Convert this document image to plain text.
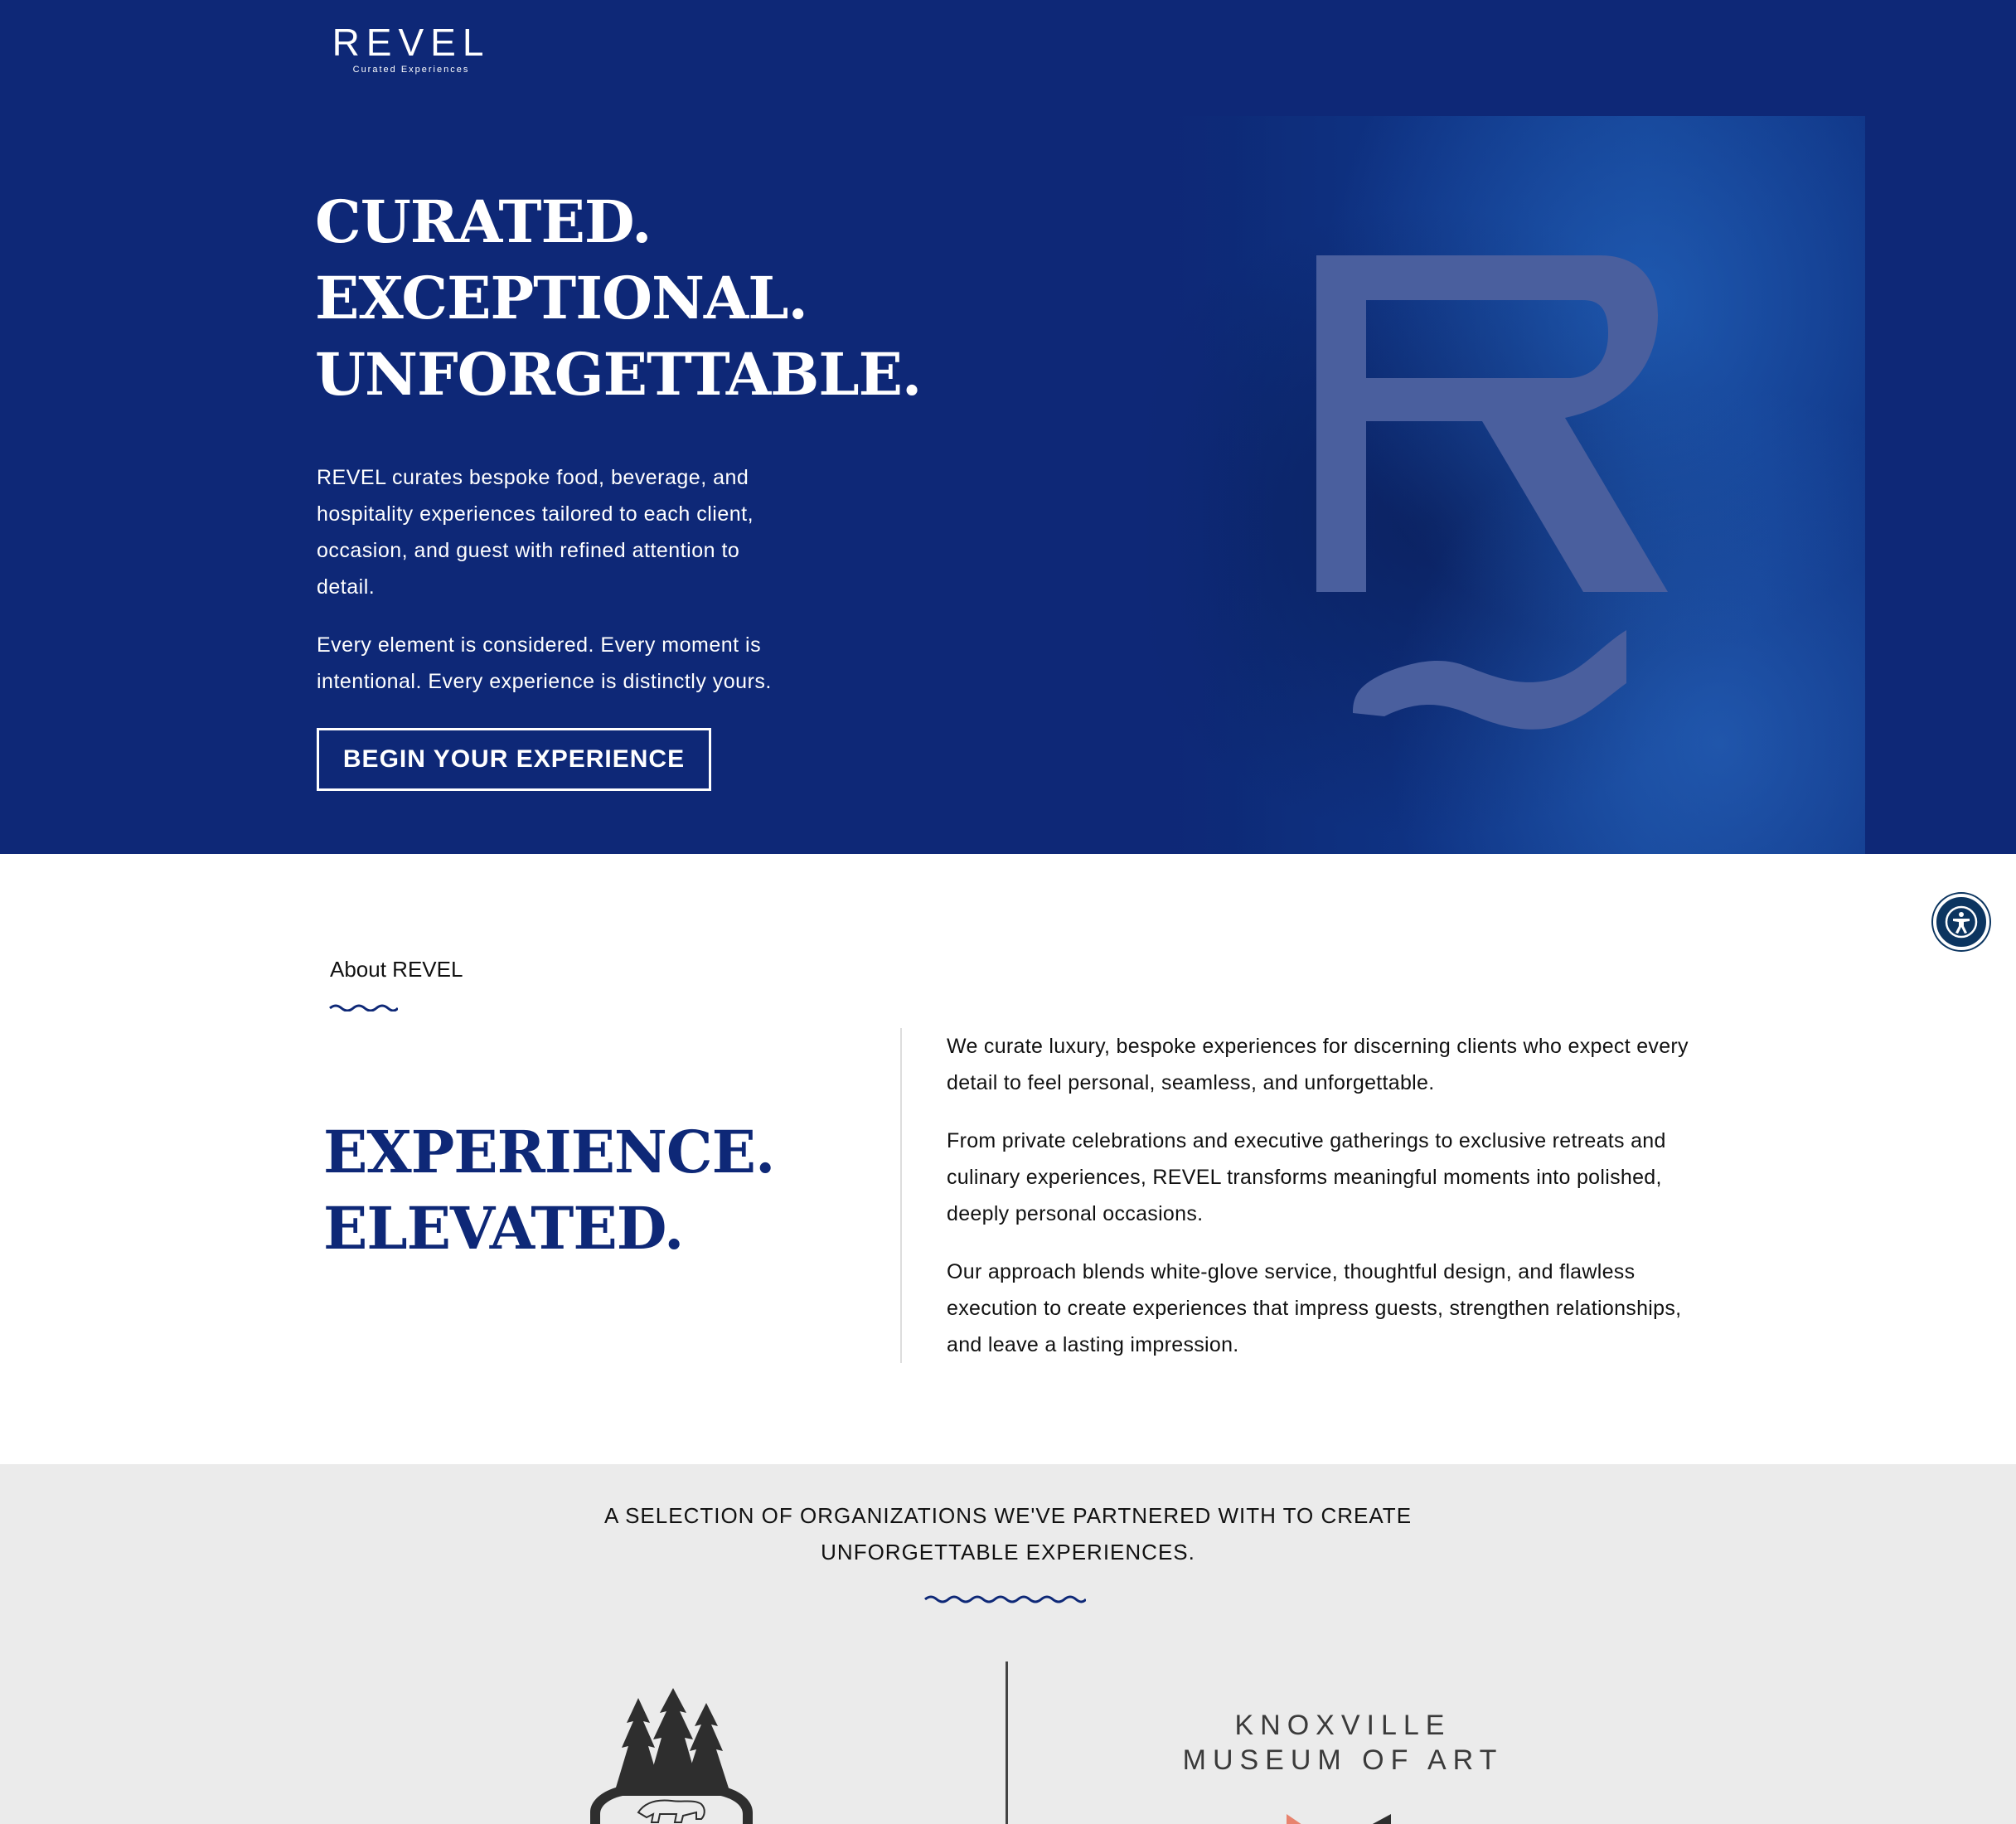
REVEL
Curated Experiences
CURATED.
EXCEPTIONAL.
UNFORGETTABLE.

REVEL curates bespoke food, beverage, and hospitality experiences tailored to each client, occasion, and guest with refined attention to detail.

Every element is considered. Every moment is intentional. Every experience is distinctly yours.

BEGIN YOUR EXPERIENCE
About REVEL
EXPERIENCE.
ELEVATED.

We curate luxury, bespoke experiences for discerning clients who expect every detail to feel personal, seamless, and unforgettable.

From private celebrations and executive gatherings to exclusive retreats and culinary experiences, REVEL transforms meaningful moments into polished, deeply personal occasions.

Our approach blends white-glove service, thoughtful design, and flawless execution to create experiences that impress guests, strengthen relationships, and leave a lasting impression.

A SELECTION OF ORGANIZATIONS WE'VE PARTNERED WITH TO CREATE UNFORGETTABLE EXPERIENCES.
KNOXVILLE
MUSEUM OF ART
